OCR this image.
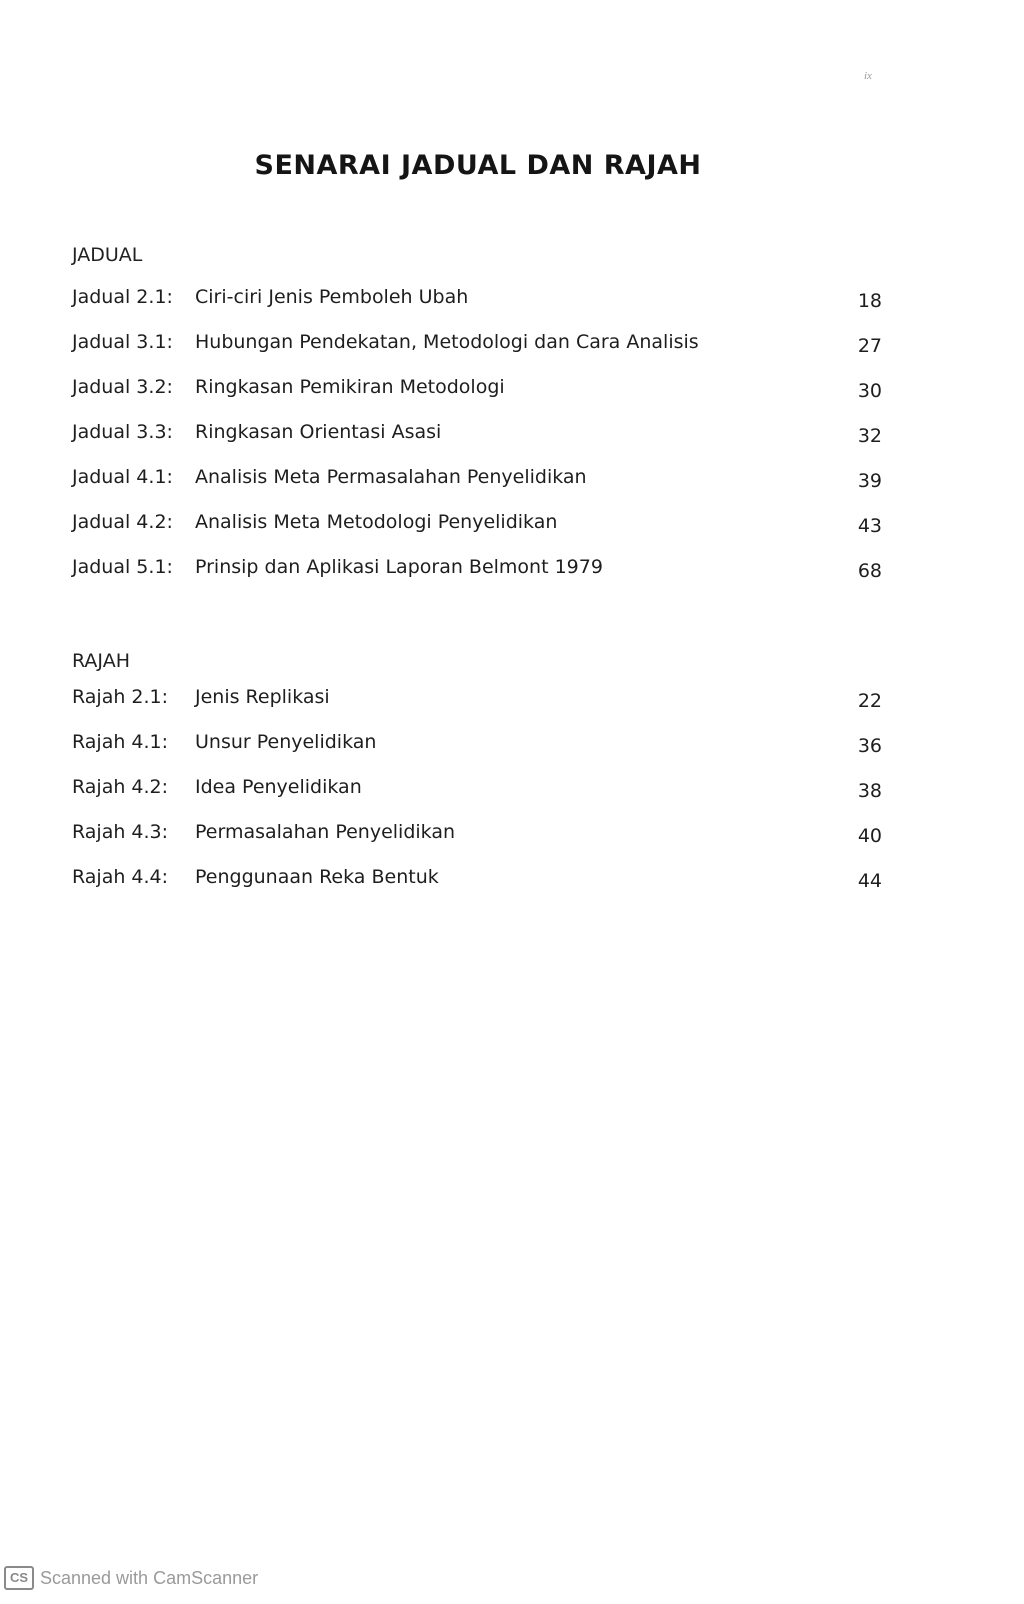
ix
SENARAI JADUAL DAN RAJAH
JADUAL
Jadual 2.1: Ciri-ciri Jenis Pemboleh Ubah	18
Jadual 3.1: Hubungan Pendekatan, Metodologi dan Cara Analisis	27
Jadual 3.2: Ringkasan Pemikiran Metodologi	30
Jadual 3.3: Ringkasan Orientasi Asasi	32
Jadual 4.1: Analisis Meta Permasalahan Penyelidikan	39
Jadual 4.2: Analisis Meta Metodologi Penyelidikan	43
Jadual 5.1: Prinsip dan Aplikasi Laporan Belmont 1979	68
RAJAH
Rajah 2.1: Jenis Replikasi	22
Rajah 4.1: Unsur Penyelidikan	36
Rajah 4.2: Idea Penyelidikan	38
Rajah 4.3: Permasalahan Penyelidikan	40
Rajah 4.4: Penggunaan Reka Bentuk	44
CS Scanned with CamScanner
